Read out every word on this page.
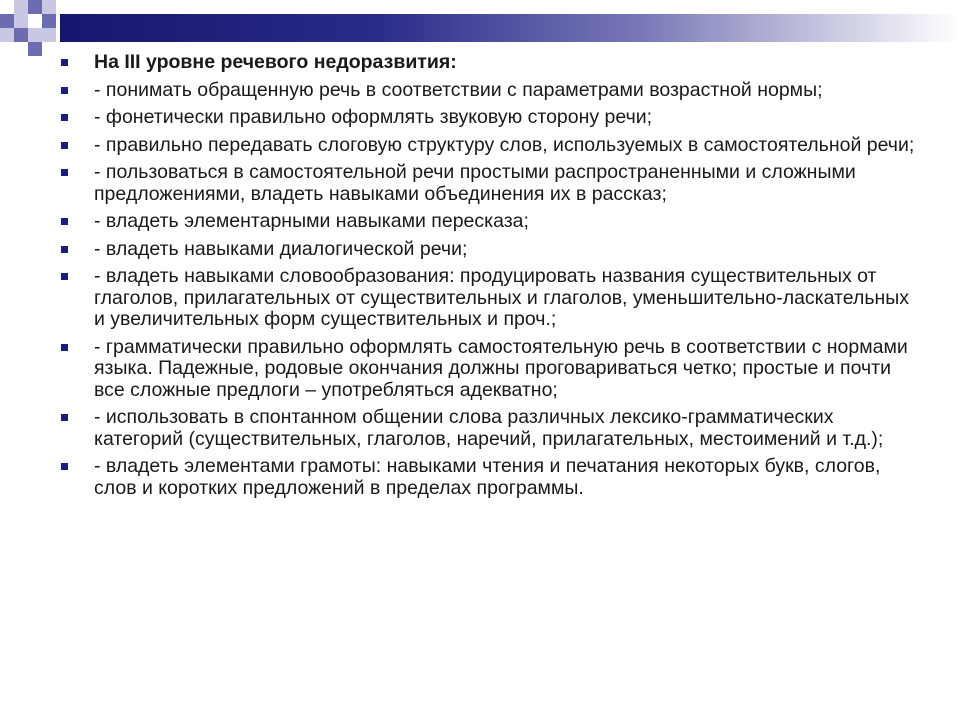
На III уровне речевого недоразвития:
- понимать обращенную речь в соответствии с параметрами возрастной нормы;
- фонетически правильно оформлять звуковую сторону речи;
- правильно передавать слоговую структуру слов, используемых в самостоятельной речи;
- пользоваться в самостоятельной речи простыми распространенными и сложными предложениями, владеть навыками объединения их в рассказ;
- владеть элементарными навыками пересказа;
- владеть навыками диалогической речи;
- владеть навыками словообразования: продуцировать названия существительных от глаголов, прилагательных от существительных и глаголов, уменьшительно-ласкательных и увеличительных форм существительных и проч.;
- грамматически правильно оформлять самостоятельную речь в соответствии с нормами языка. Падежные, родовые окончания должны проговариваться четко; простые и почти все сложные предлоги – употребляться адекватно;
- использовать в спонтанном общении слова различных лексико-грамматических категорий (существительных, глаголов, наречий, прилагательных, местоимений и т.д.);
- владеть элементами грамоты: навыками чтения и печатания некоторых букв, слогов, слов и коротких предложений в пределах программы.
